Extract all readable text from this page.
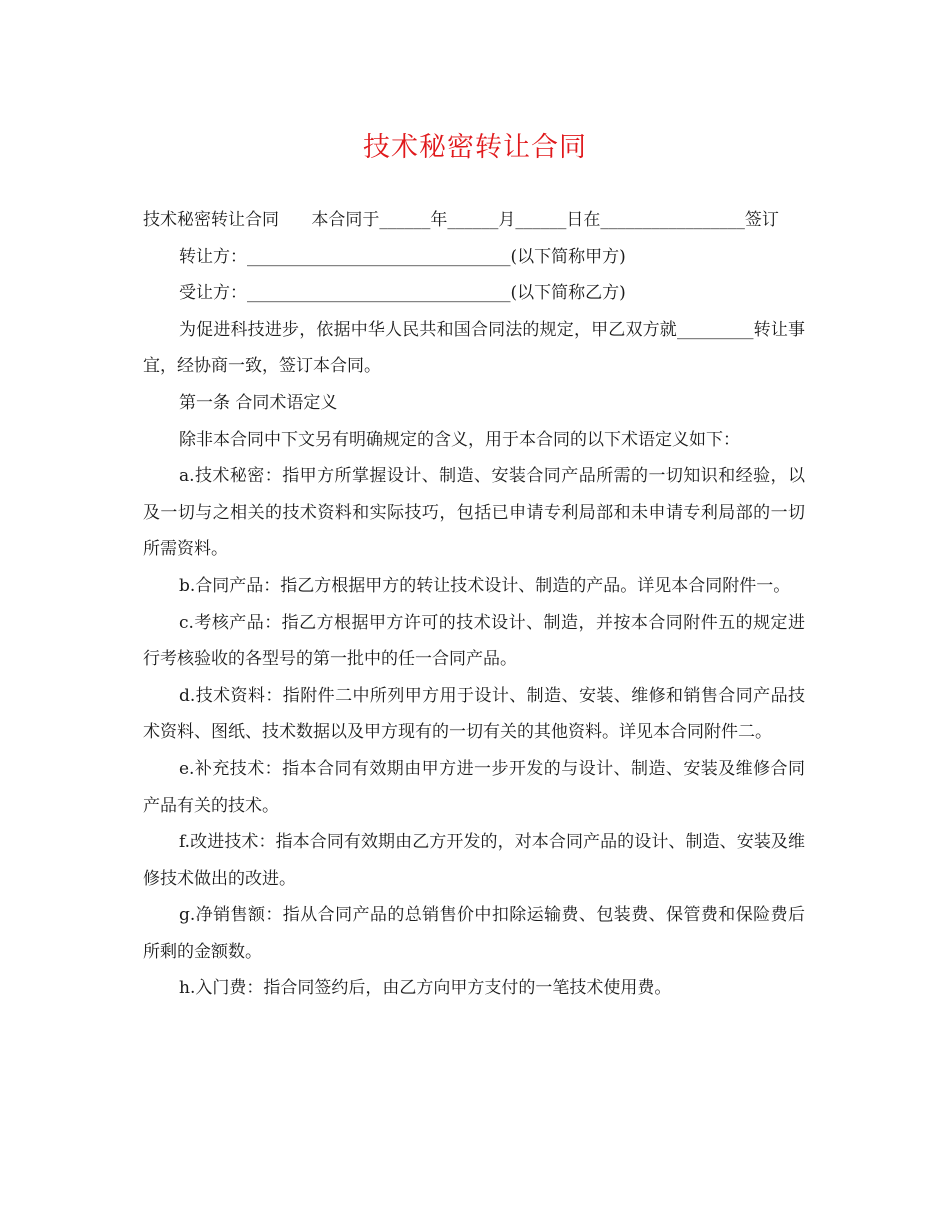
技术秘密转让合同

技术秘密转让合同      本合同于______年______月______日在_________________签订

转让方：_______________________________(以下简称甲方)

受让方：_______________________________(以下简称乙方)

为促进科技进步，依据中华人民共和国合同法的规定，甲乙双方就_________转让事宜，经协商一致，签订本合同。

第一条 合同术语定义

除非本合同中下文另有明确规定的含义，用于本合同的以下术语定义如下：

a.技术秘密：指甲方所掌握设计、制造、安装合同产品所需的一切知识和经验，以及一切与之相关的技术资料和实际技巧，包括已申请专利局部和未申请专利局部的一切所需资料。

b.合同产品：指乙方根据甲方的转让技术设计、制造的产品。详见本合同附件一。

c.考核产品：指乙方根据甲方许可的技术设计、制造，并按本合同附件五的规定进行考核验收的各型号的第一批中的任一合同产品。

d.技术资料：指附件二中所列甲方用于设计、制造、安装、维修和销售合同产品技术资料、图纸、技术数据以及甲方现有的一切有关的其他资料。详见本合同附件二。

e.补充技术：指本合同有效期由甲方进一步开发的与设计、制造、安装及维修合同产品有关的技术。

f.改进技术：指本合同有效期由乙方开发的，对本合同产品的设计、制造、安装及维修技术做出的改进。

g.净销售额：指从合同产品的总销售价中扣除运输费、包装费、保管费和保险费后所剩的金额数。

h.入门费：指合同签约后，由乙方向甲方支付的一笔技术使用费。
